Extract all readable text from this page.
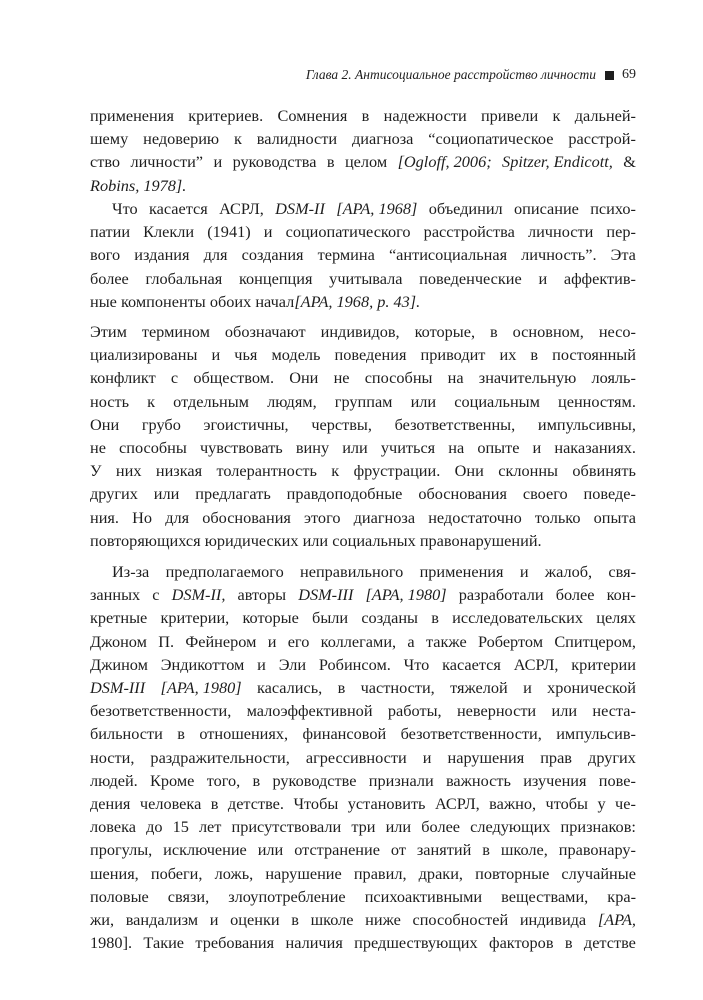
Глава 2. Антисоциальное расстройство личности 69
применения критериев. Сомнения в надежности привели к дальней-
шему недоверию к валидности диагноза “социопатическое расстрой-
ство личности” и руководства в целом [Ogloff, 2006; Spitzer, Endicott, &
Robins, 1978].
Что касается АСРЛ, DSM-II [APA, 1968] объединил описание психо-
патии Клекли (1941) и социопатического расстройства личности пер-
вого издания для создания термина “антисоциальная личность”. Эта
более глобальная концепция учитывала поведенческие и аффектив-
ные компоненты обоих начал [APA, 1968, p. 43].
Этим термином обозначают индивидов, которые, в основном, несо-
циализированы и чья модель поведения приводит их в постоянный
конфликт с обществом. Они не способны на значительную лояль-
ность к отдельным людям, группам или социальным ценностям.
Они грубо эгоистичны, черствы, безответственны, импульсивны,
не способны чувствовать вину или учиться на опыте и наказаниях.
У них низкая толерантность к фрустрации. Они склонны обвинять
других или предлагать правдоподобные обоснования своего поведе-
ния. Но для обоснования этого диагноза недостаточно только опыта
повторяющихся юридических или социальных правонарушений.
Из-за предполагаемого неправильного применения и жалоб, свя-
занных с DSM-II, авторы DSM-III [APA, 1980] разработали более кон-
кретные критерии, которые были созданы в исследовательских целях
Джоном П. Фейнером и его коллегами, а также Робертом Спитцером,
Джином Эндикоттом и Эли Робинсом. Что касается АСРЛ, критерии
DSM-III [APA, 1980] касались, в частности, тяжелой и хронической
безответственности, малоэффективной работы, неверности или неста-
бильности в отношениях, финансовой безответственности, импульсив-
ности, раздражительности, агрессивности и нарушения прав других
людей. Кроме того, в руководстве признали важность изучения пове-
дения человека в детстве. Чтобы установить АСРЛ, важно, чтобы у че-
ловека до 15 лет присутствовали три или более следующих признаков:
прогулы, исключение или отстранение от занятий в школе, правонару-
шения, побеги, ложь, нарушение правил, драки, повторные случайные
половые связи, злоупотребление психоактивными веществами, кра-
жи, вандализм и оценки в школе ниже способностей индивида [APA,
1980]. Такие требования наличия предшествующих факторов в детстве
